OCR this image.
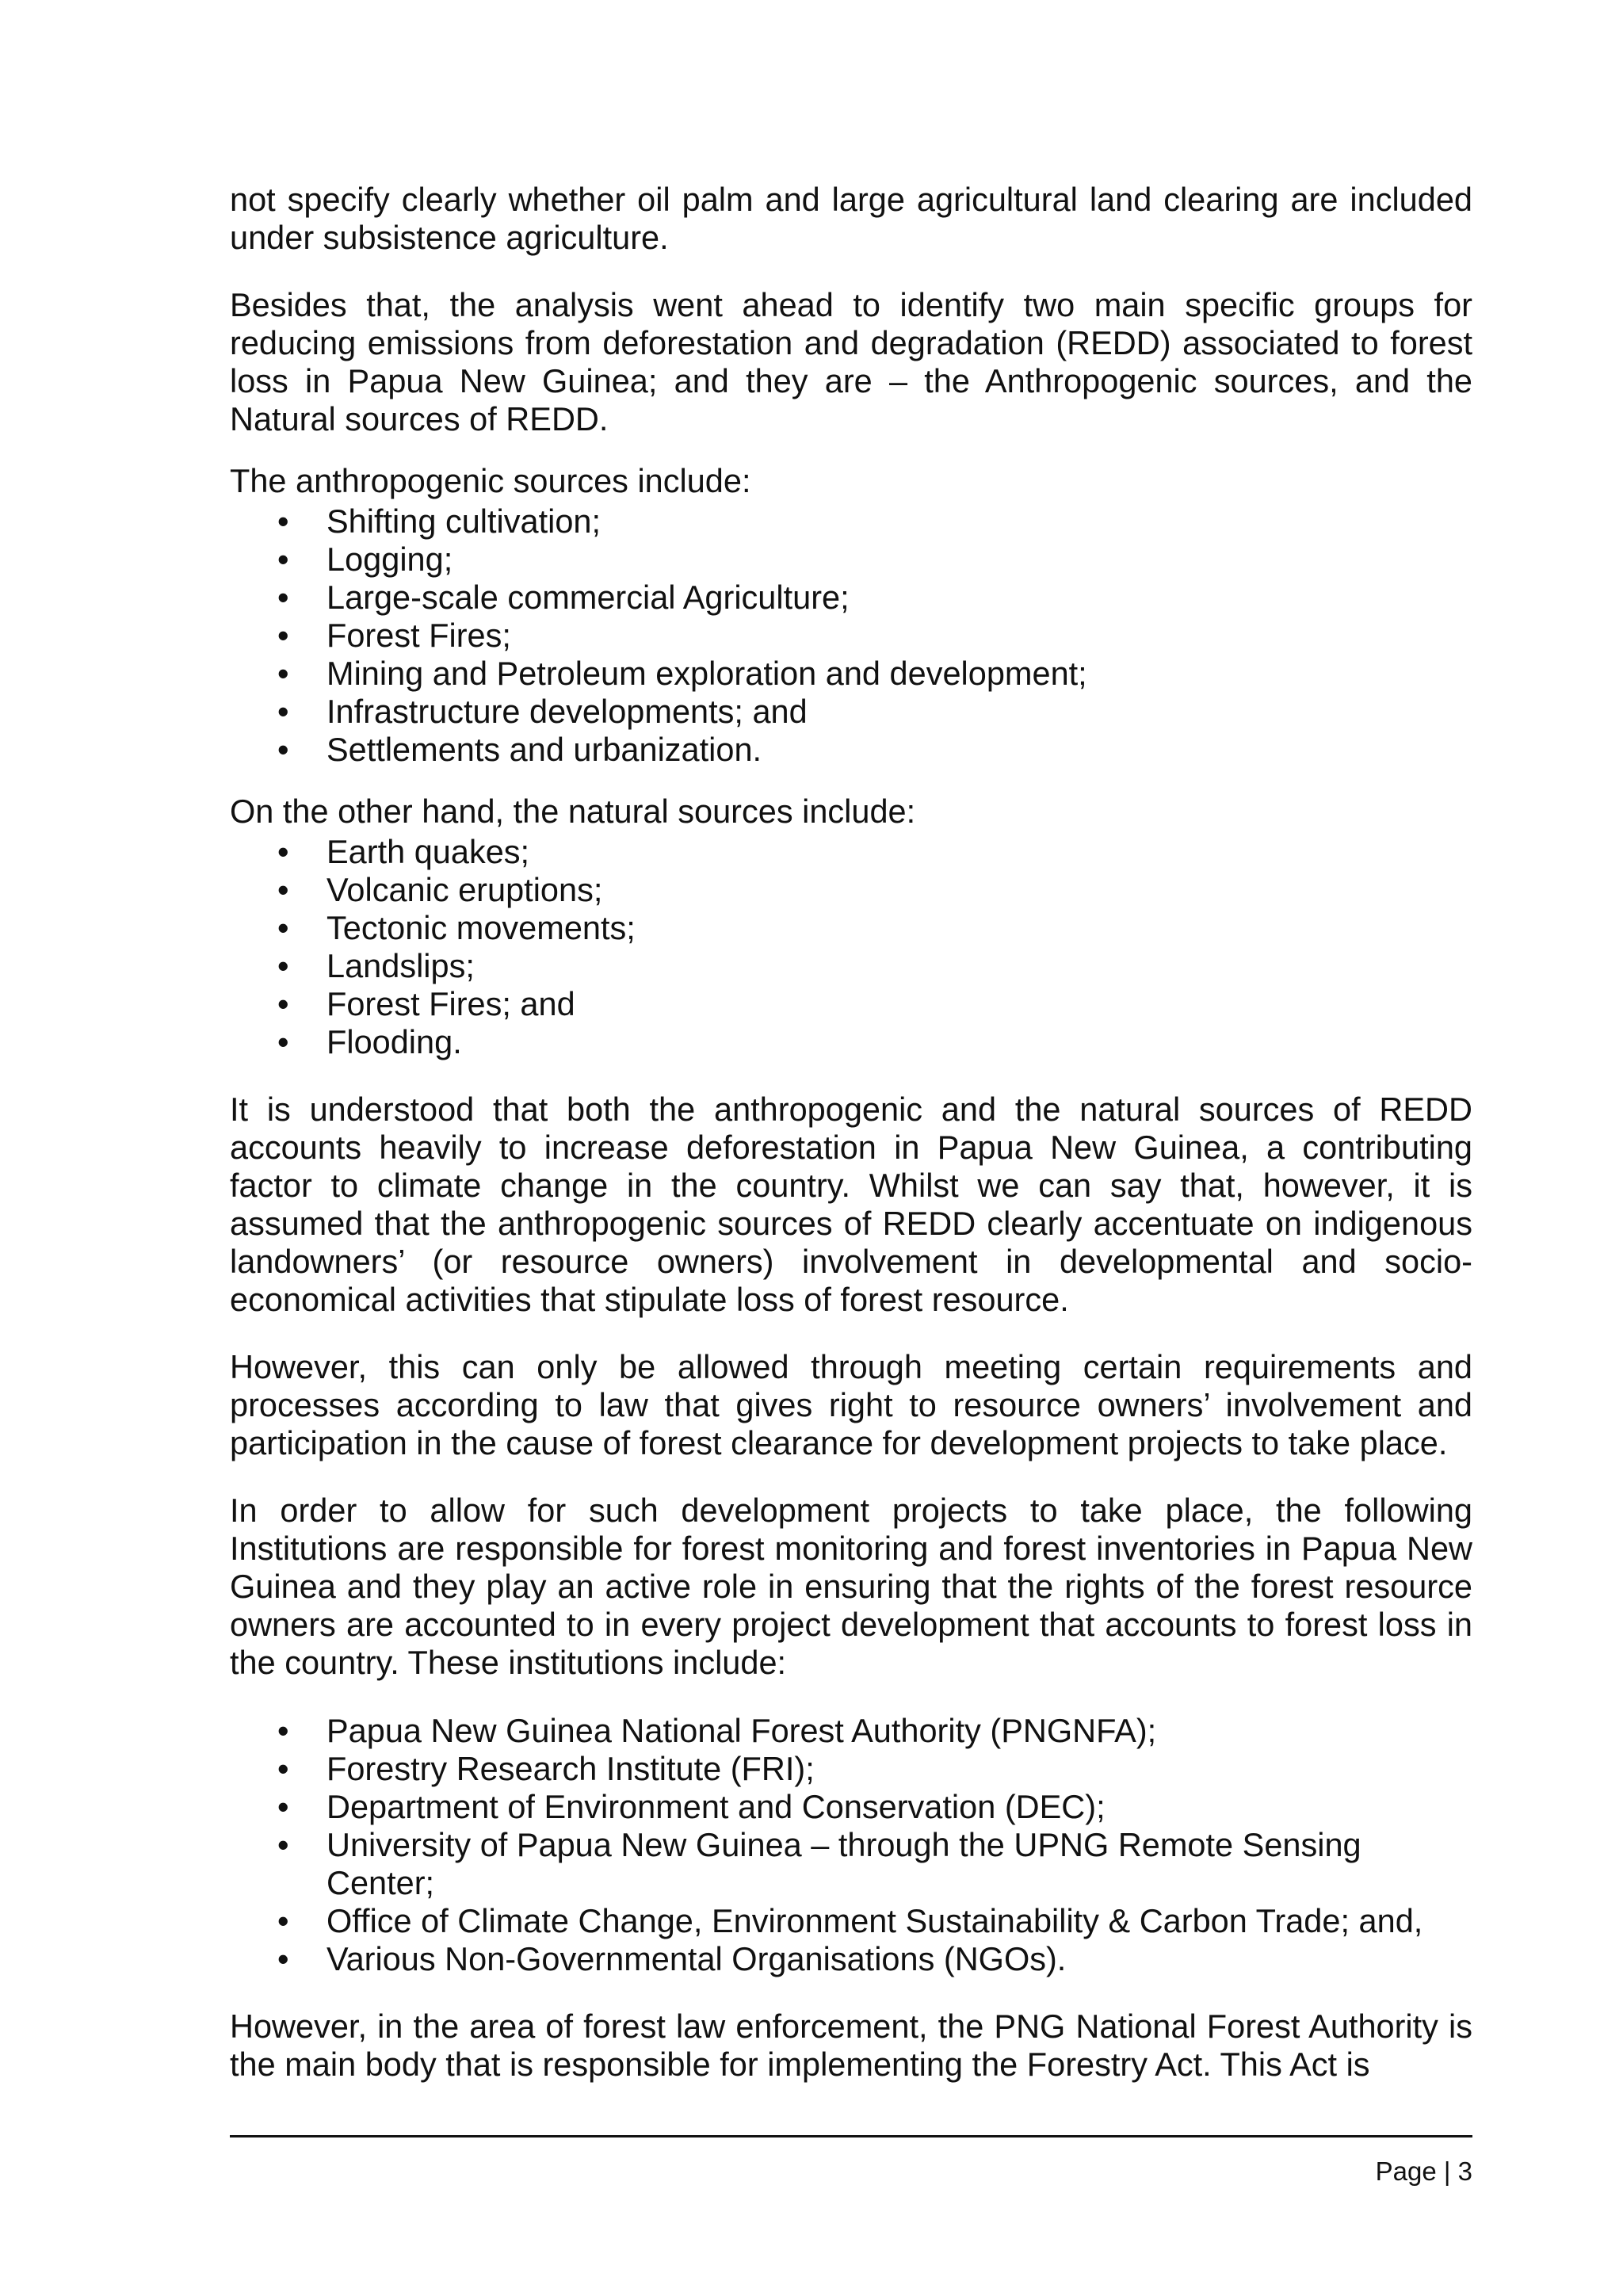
not specify clearly whether oil palm and large agricultural land clearing are included under subsistence agriculture.

Besides that, the analysis went ahead to identify two main specific groups for reducing emissions from deforestation and degradation (REDD) associated to forest loss in Papua New Guinea; and they are – the Anthropogenic sources, and the Natural sources of REDD.

The anthropogenic sources include:

• Shifting cultivation;
• Logging;
• Large-scale commercial Agriculture;
• Forest Fires;
• Mining and Petroleum exploration and development;
• Infrastructure developments; and
• Settlements and urbanization.

On the other hand, the natural sources include:

• Earth quakes;
• Volcanic eruptions;
• Tectonic movements;
• Landslips;
• Forest Fires; and
• Flooding.

It is understood that both the anthropogenic and the natural sources of REDD accounts heavily to increase deforestation in Papua New Guinea, a contributing factor to climate change in the country. Whilst we can say that, however, it is assumed that the anthropogenic sources of REDD clearly accentuate on indigenous landowners’ (or resource owners) involvement in developmental and socio-economical activities that stipulate loss of forest resource.

However, this can only be allowed through meeting certain requirements and processes according to law that gives right to resource owners’ involvement and participation in the cause of forest clearance for development projects to take place.

In order to allow for such development projects to take place, the following Institutions are responsible for forest monitoring and forest inventories in Papua New Guinea and they play an active role in ensuring that the rights of the forest resource owners are accounted to in every project development that accounts to forest loss in the country. These institutions include:

• Papua New Guinea National Forest Authority (PNGNFA);
• Forestry Research Institute (FRI);
• Department of Environment and Conservation (DEC);
• University of Papua New Guinea – through the UPNG Remote Sensing Center;
• Office of Climate Change, Environment Sustainability & Carbon Trade; and,
• Various Non-Governmental Organisations (NGOs).

However, in the area of forest law enforcement, the PNG National Forest Authority is the main body that is responsible for implementing the Forestry Act. This Act is

Page | 3
